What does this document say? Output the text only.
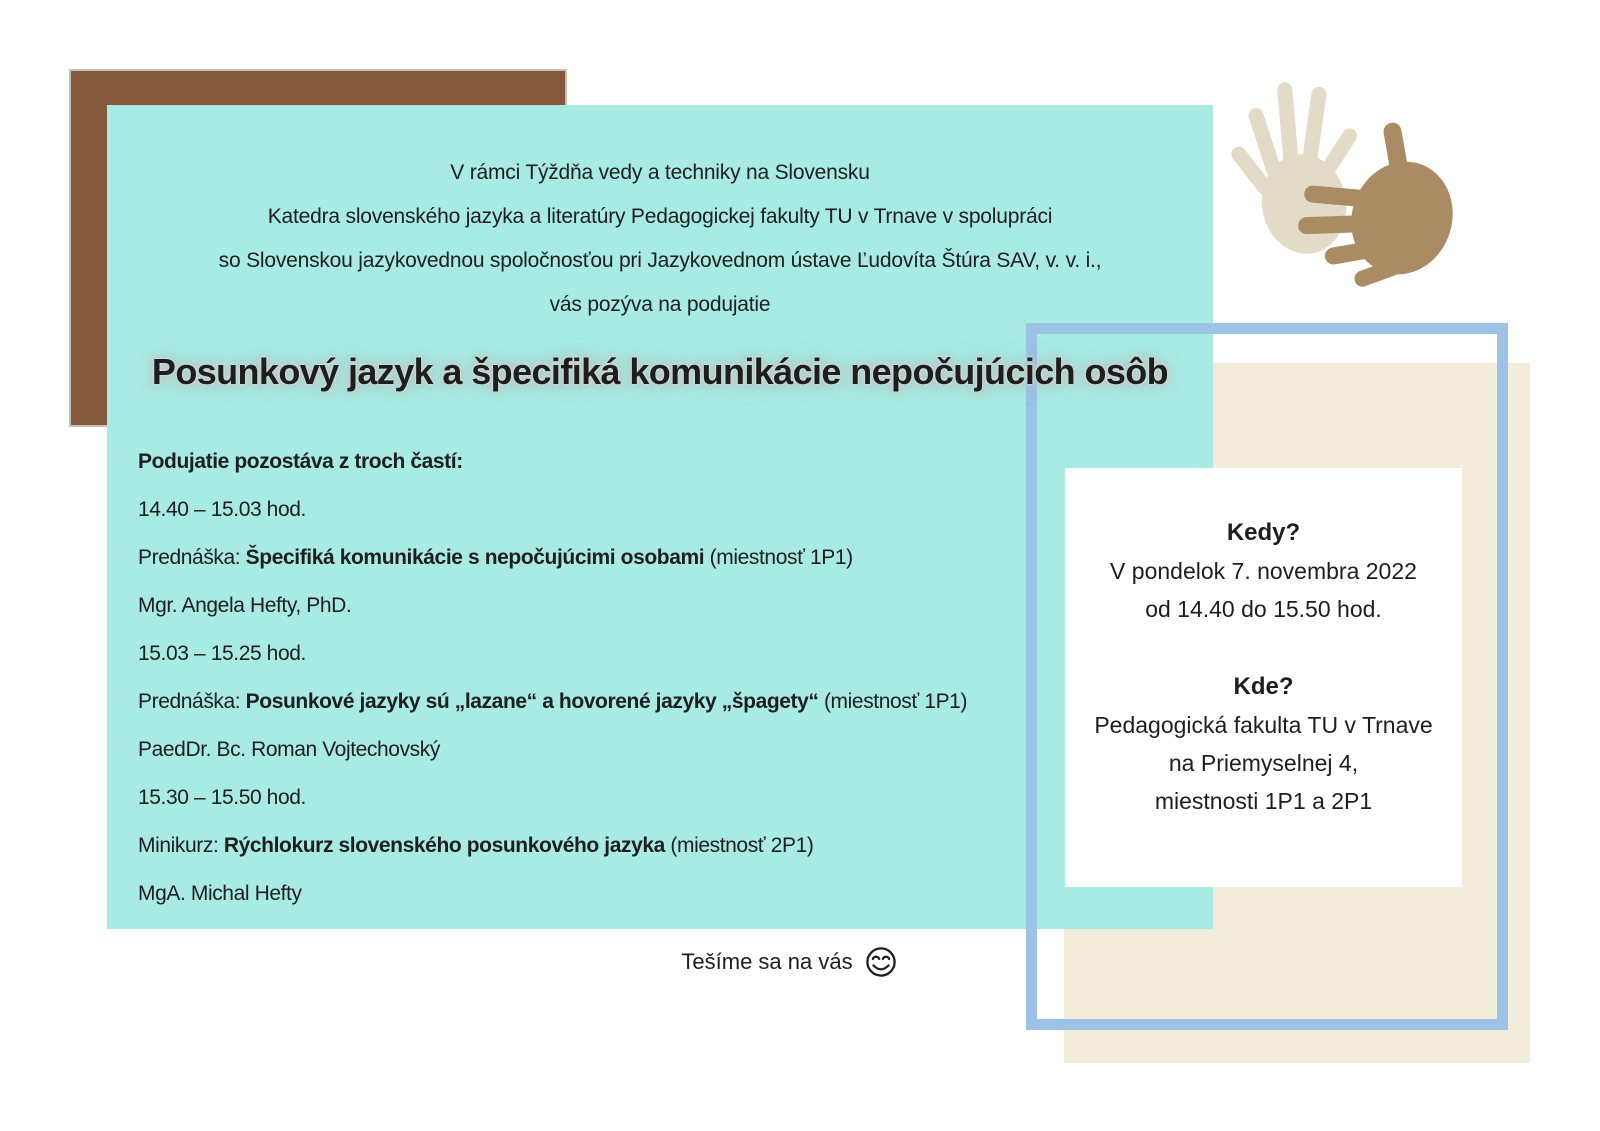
Kedy?
V pondelok 7. novembra 2022
od 14.40 do 15.50 hod.
Kde?
Pedagogická fakulta TU v Trnave
na Priemyselnej 4,
miestnosti 1P1 a 2P1
V rámci Týždňa vedy a techniky na Slovensku
Katedra slovenského jazyka a literatúry Pedagogickej fakulty TU v Trnave v spolupráci
so Slovenskou jazykovednou spoločnosťou pri Jazykovednom ústave Ľudovíta Štúra SAV, v. v. i.,
vás pozýva na podujatie
Posunkový jazyk a špecifiká komunikácie nepočujúcich osôb
Podujatie pozostáva z troch častí:
14.40 – 15.03 hod.
Prednáška: Špecifiká komunikácie s nepočujúcimi osobami (miestnosť 1P1)
Mgr. Angela Hefty, PhD.
15.03 – 15.25 hod.
Prednáška: Posunkové jazyky sú „lazane“ a hovorené jazyky „špagety“ (miestnosť 1P1)
PaedDr. Bc. Roman Vojtechovský
15.30 – 15.50 hod.
Minikurz: Rýchlokurz slovenského posunkového jazyka (miestnosť 2P1)
MgA. Michal Hefty
Tešíme sa na vás
